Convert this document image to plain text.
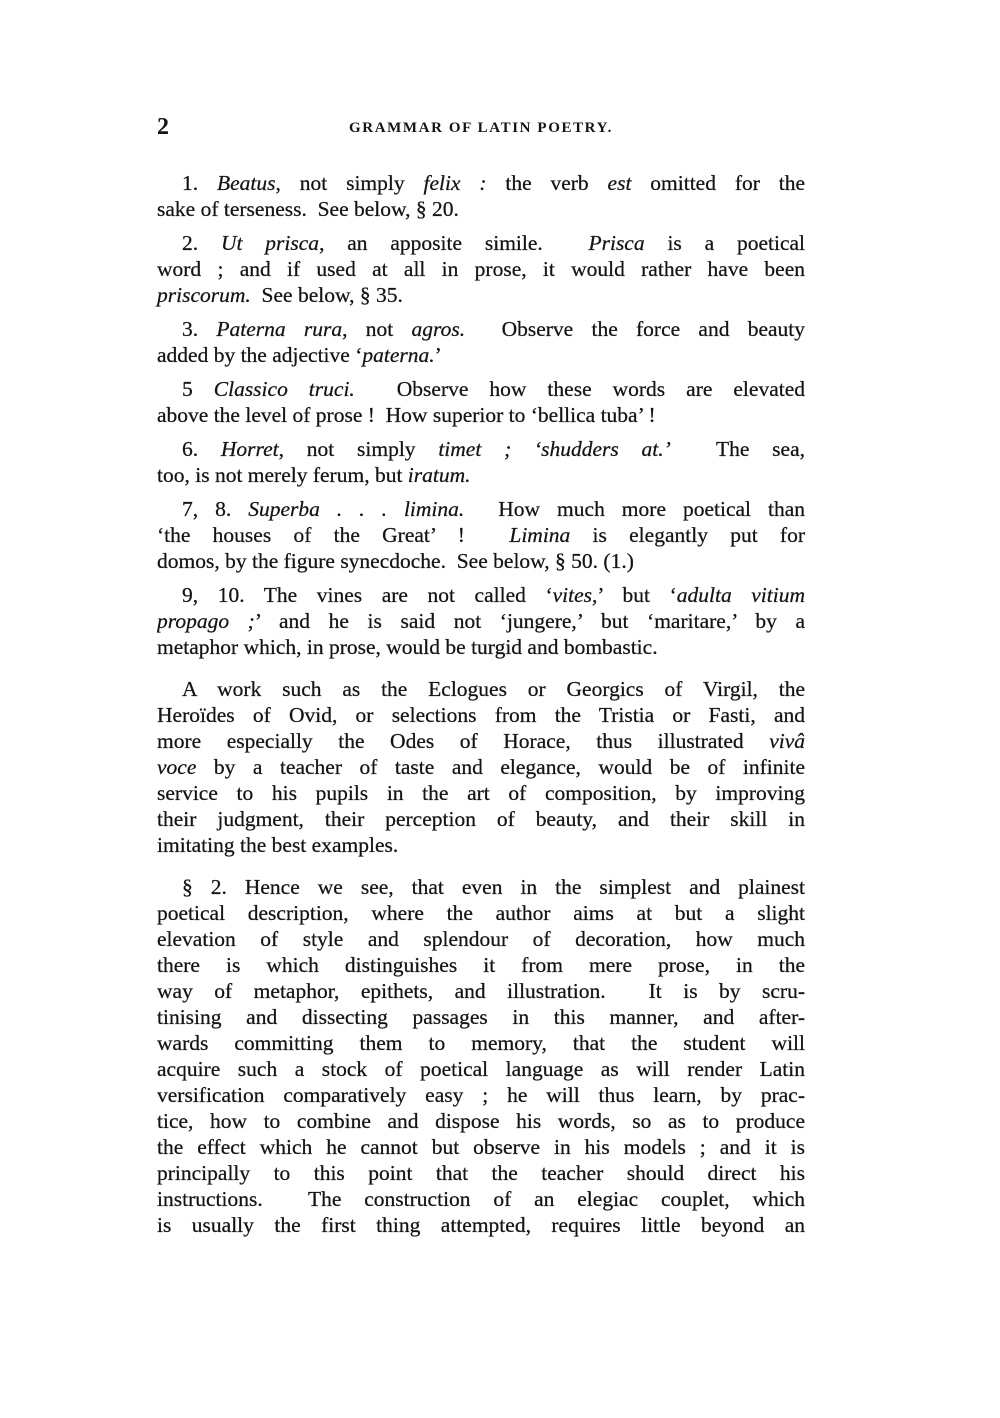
2	GRAMMAR OF LATIN POETRY.
1. Beatus, not simply felix : the verb est omitted for the
sake of terseness.  See below, § 20.
2. Ut prisca, an apposite simile.  Prisca is a poetical
word ; and if used at all in prose, it would rather have been
priscorum.  See below, § 35.
3. Paterna rura, not agros.  Observe the force and beauty
added by the adjective ‘paterna.’
5 Classico truci.  Observe how these words are elevated
above the level of prose !  How superior to ‘bellica tuba’ !
6. Horret, not simply timet ; ‘shudders at.’  The sea,
too, is not merely ferum, but iratum.
7, 8. Superba . . . limina.  How much more poetical than
‘the houses of the Great’ !  Limina is elegantly put for
domos, by the figure synecdoche.  See below, § 50. (1.)
9, 10. The vines are not called ‘vites,’ but ‘adulta vitium
propago ;’ and he is said not ‘jungere,’ but ‘maritare,’ by a
metaphor which, in prose, would be turgid and bombastic.
A work such as the Eclogues or Georgics of Virgil, the
Heroïdes of Ovid, or selections from the Tristia or Fasti, and
more especially the Odes of Horace, thus illustrated vivâ
voce by a teacher of taste and elegance, would be of infinite
service to his pupils in the art of composition, by improving
their judgment, their perception of beauty, and their skill in
imitating the best examples.
§ 2. Hence we see, that even in the simplest and plainest
poetical description, where the author aims at but a slight
elevation of style and splendour of decoration, how much
there is which distinguishes it from mere prose, in the
way of metaphor, epithets, and illustration.  It is by scru-
tinising and dissecting passages in this manner, and after-
wards committing them to memory, that the student will
acquire such a stock of poetical language as will render Latin
versification comparatively easy ; he will thus learn, by prac-
tice, how to combine and dispose his words, so as to produce
the effect which he cannot but observe in his models ; and it is
principally to this point that the teacher should direct his
instructions.  The construction of an elegiac couplet, which
is usually the first thing attempted, requires little beyond an
